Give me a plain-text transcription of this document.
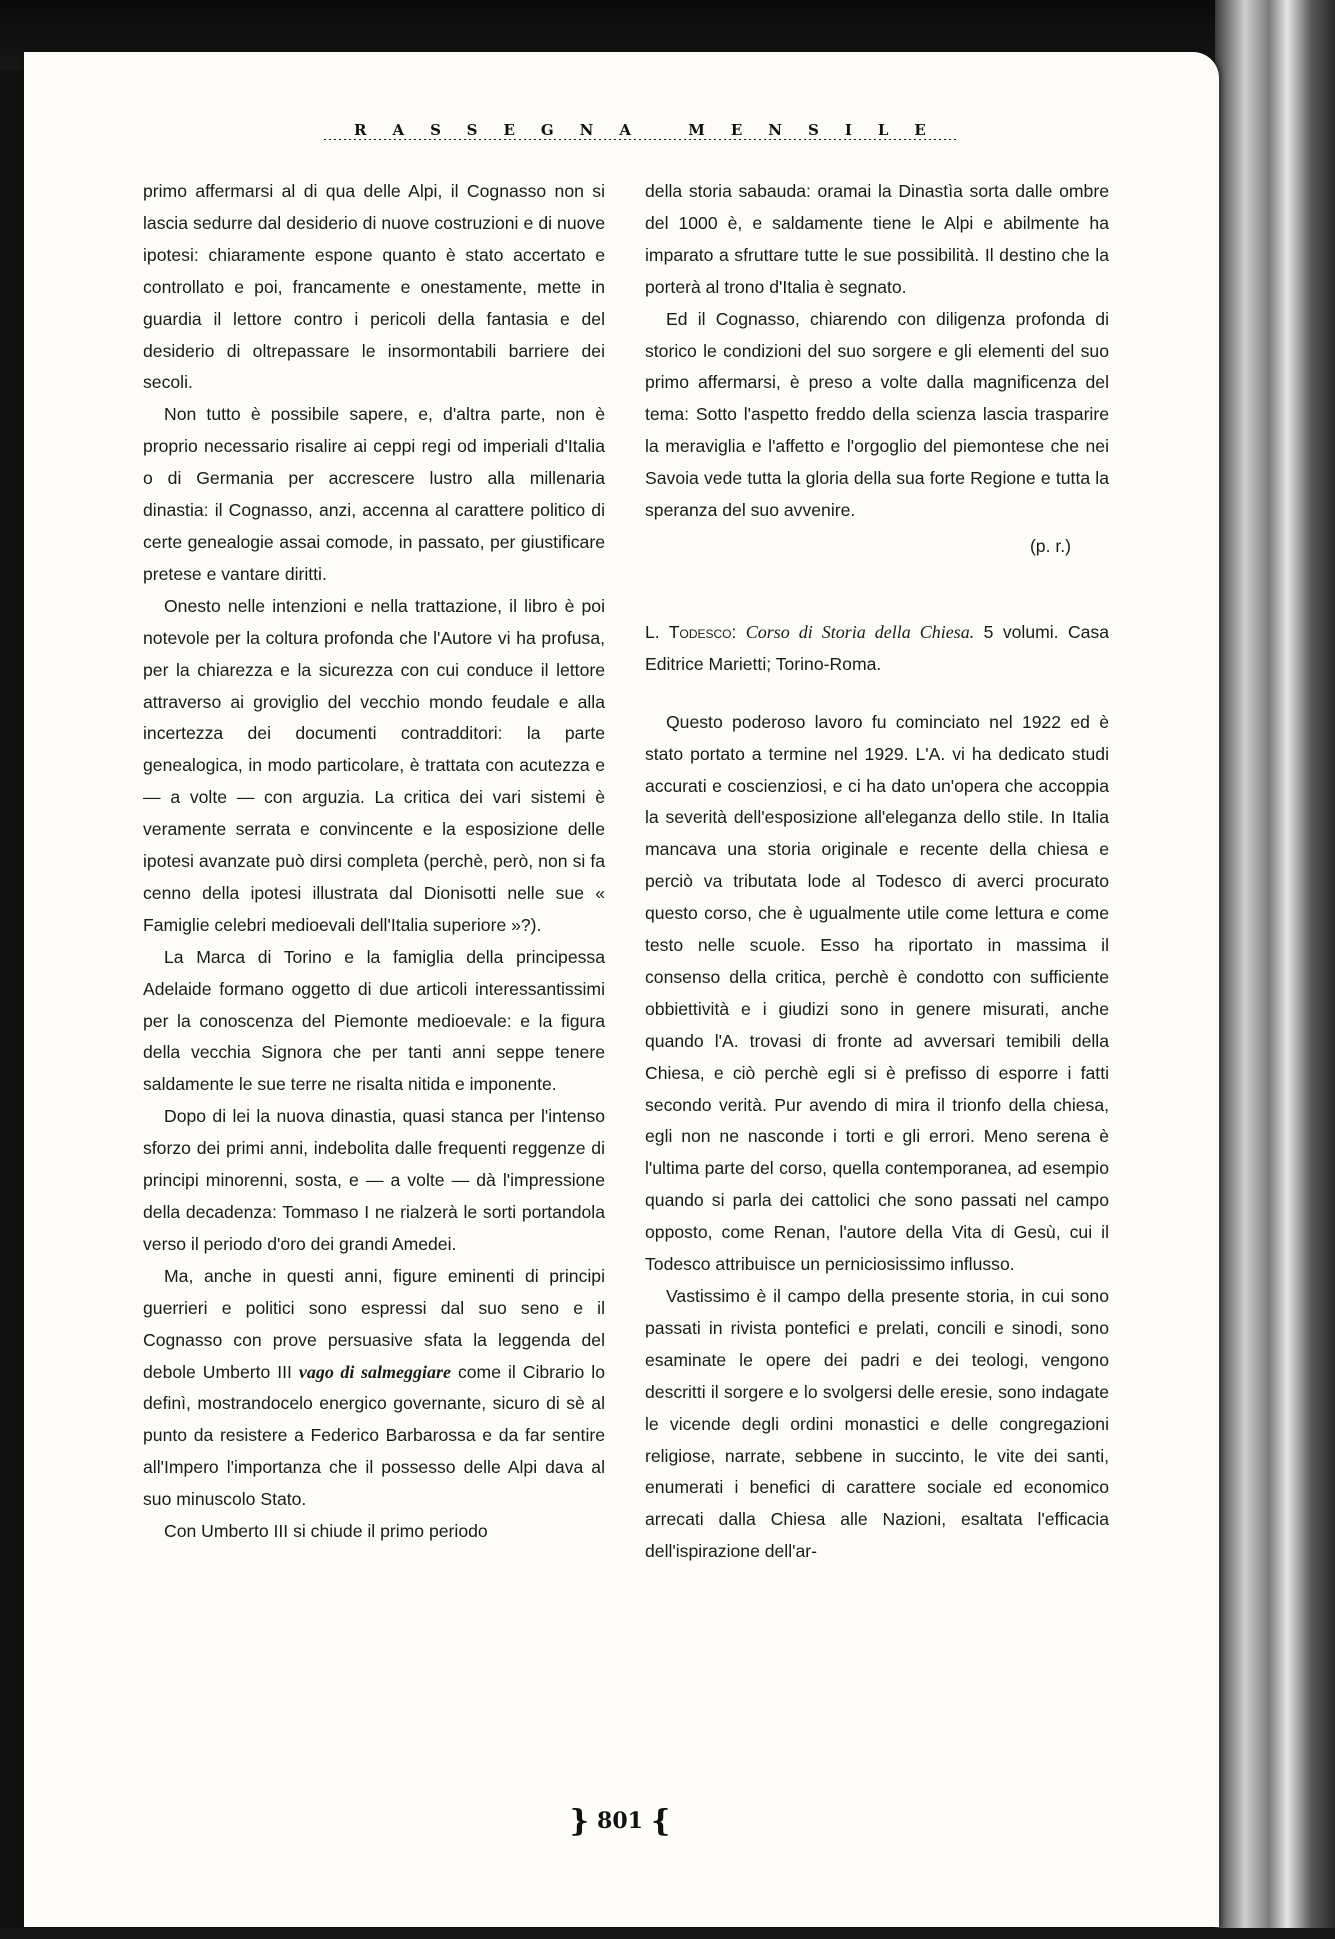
RASSEGNA MENSILE

primo affermarsi al di qua delle Alpi, il Cognasso non si lascia sedurre dal desiderio di nuove costruzioni e di nuove ipotesi: chiaramente espone quanto è stato accertato e controllato e poi, francamente e onestamente, mette in guardia il lettore contro i pericoli della fantasia e del desiderio di oltrepassare le insormontabili barriere dei secoli.

Non tutto è possibile sapere, e, d'altra parte, non è proprio necessario risalire ai ceppi regi od imperiali d'Italia o di Germania per accrescere lustro alla millenaria dinastia: il Cognasso, anzi, accenna al carattere politico di certe genealogie assai comode, in passato, per giustificare pretese e vantare diritti.

Onesto nelle intenzioni e nella trattazione, il libro è poi notevole per la coltura profonda che l'Autore vi ha profusa, per la chiarezza e la sicurezza con cui conduce il lettore attraverso ai groviglio del vecchio mondo feudale e alla incertezza dei documenti contradditori: la parte genealogica, in modo particolare, è trattata con acutezza e — a volte — con arguzia. La critica dei vari sistemi è veramente serrata e convincente e la esposizione delle ipotesi avanzate può dirsi completa (perchè, però, non si fa cenno della ipotesi illustrata dal Dionisotti nelle sue « Famiglie celebri medioevali dell'Italia superiore »?).

La Marca di Torino e la famiglia della principessa Adelaide formano oggetto di due articoli interessantissimi per la conoscenza del Piemonte medioevale: e la figura della vecchia Signora che per tanti anni seppe tenere saldamente le sue terre ne risalta nitida e imponente.

Dopo di lei la nuova dinastia, quasi stanca per l'intenso sforzo dei primi anni, indebolita dalle frequenti reggenze di principi minorenni, sosta, e — a volte — dà l'impressione della decadenza: Tommaso I ne rialzerà le sorti portandola verso il periodo d'oro dei grandi Amedei.

Ma, anche in questi anni, figure eminenti di principi guerrieri e politici sono espressi dal suo seno e il Cognasso con prove persuasive sfata la leggenda del debole Umberto III vago di salmeggiare come il Cibrario lo definì, mostrandocelo energico governante, sicuro di sè al punto da resistere a Federico Barbarossa e da far sentire all'Impero l'importanza che il possesso delle Alpi dava al suo minuscolo Stato.

Con Umberto III si chiude il primo periodo

della storia sabauda: oramai la Dinastìa sorta dalle ombre del 1000 è, e saldamente tiene le Alpi e abilmente ha imparato a sfruttare tutte le sue possibilità. Il destino che la porterà al trono d'Italia è segnato.

Ed il Cognasso, chiarendo con diligenza profonda di storico le condizioni del suo sorgere e gli elementi del suo primo affermarsi, è preso a volte dalla magnificenza del tema: Sotto l'aspetto freddo della scienza lascia trasparire la meraviglia e l'affetto e l'orgoglio del piemontese che nei Savoia vede tutta la gloria della sua forte Regione e tutta la speranza del suo avvenire.

(p. r.)

L. Todesco: Corso di Storia della Chiesa. 5 volumi. Casa Editrice Marietti; Torino-Roma.

Questo poderoso lavoro fu cominciato nel 1922 ed è stato portato a termine nel 1929. L'A. vi ha dedicato studi accurati e coscienziosi, e ci ha dato un'opera che accoppia la severità dell'esposizione all'eleganza dello stile. In Italia mancava una storia originale e recente della chiesa e perciò va tributata lode al Todesco di averci procurato questo corso, che è ugualmente utile come lettura e come testo nelle scuole. Esso ha riportato in massima il consenso della critica, perchè è condotto con sufficiente obbiettività e i giudizi sono in genere misurati, anche quando l'A. trovasi di fronte ad avversari temibili della Chiesa, e ciò perchè egli si è prefisso di esporre i fatti secondo verità. Pur avendo di mira il trionfo della chiesa, egli non ne nasconde i torti e gli errori. Meno serena è l'ultima parte del corso, quella contemporanea, ad esempio quando si parla dei cattolici che sono passati nel campo opposto, come Renan, l'autore della Vita di Gesù, cui il Todesco attribuisce un perniciosissimo influsso.

Vastissimo è il campo della presente storia, in cui sono passati in rivista pontefici e prelati, concili e sinodi, sono esaminate le opere dei padri e dei teologi, vengono descritti il sorgere e lo svolgersi delle eresie, sono indagate le vicende degli ordini monastici e delle congregazioni religiose, narrate, sebbene in succinto, le vite dei santi, enumerati i benefici di carattere sociale ed economico arrecati dalla Chiesa alle Nazioni, esaltata l'efficacia dell'ispirazione dell'ar-

} 801 {
